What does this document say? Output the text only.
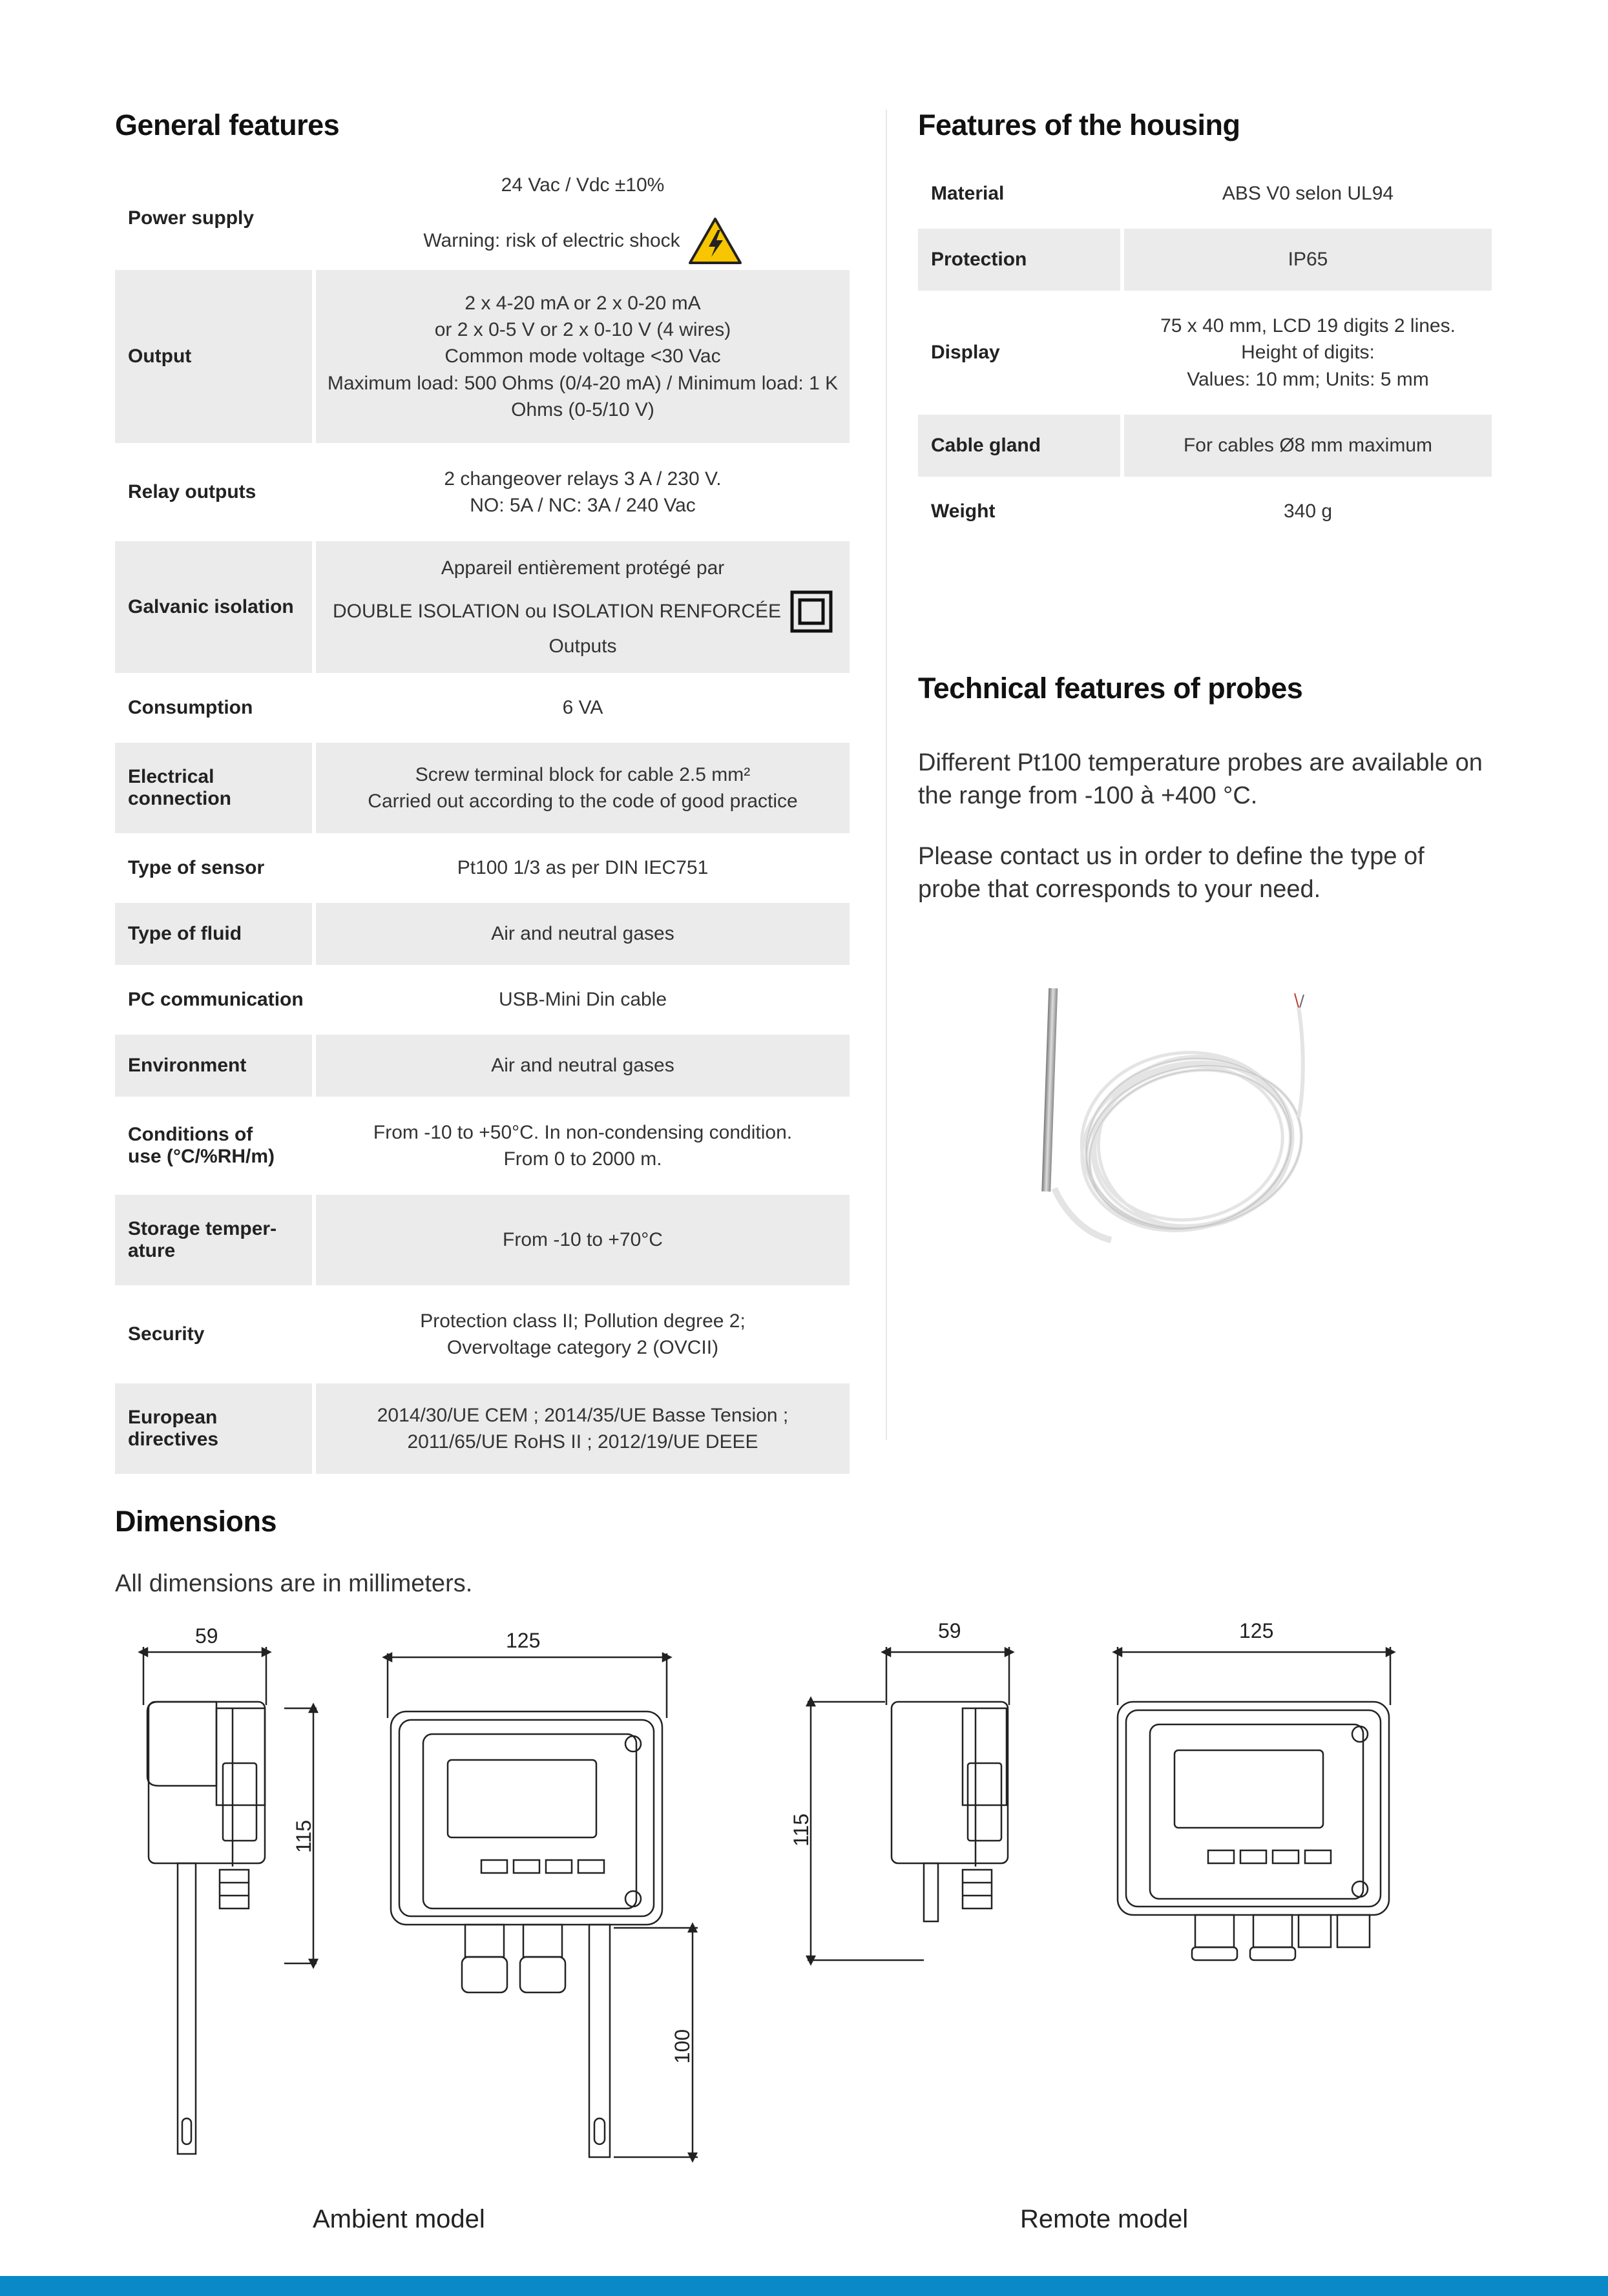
General features
Power supply	24 Vac / Vdc ±10%
Warning: risk of electric shock

Output	2 x 4-20 mA or 2 x 0-20 mA
or 2 x 0-5 V or 2 x 0-10 V (4 wires)
Common mode voltage <30 Vac
Maximum load: 500 Ohms (0/4-20 mA) / Minimum load: 1 K
Ohms (0-5/10 V)

Relay outputs	2 changeover relays 3 A / 230 V.
NO: 5A / NC: 3A / 240 Vac

Galvanic isolation	Appareil entièrement protégé par
DOUBLE ISOLATION ou ISOLATION RENFORCÉE
Outputs

Consumption	6 VA
Electrical connection	Screw terminal block for cable 2.5 mm²
Carried out according to the code of good practice

Type of sensor	Pt100 1/3 as per DIN IEC751
Type of fluid	Air and neutral gases
PC communication	USB-Mini Din cable
Environment	Air and neutral gases
Conditions of use (°C/%RH/m)	From -10 to +50°C. In non-condensing condition.
From 0 to 2000 m.

Storage temper-ature	From -10 to +70°C
Security	Protection class II; Pollution degree 2;
Overvoltage category 2 (OVCII)

European directives	2014/30/UE CEM ; 2014/35/UE Basse Tension ;
2011/65/UE RoHS II ; 2012/19/UE DEEE
Features of the housing
Material	ABS V0 selon UL94
Protection	IP65
Display	75 x 40 mm, LCD 19 digits 2 lines.
Height of digits:
Values: 10 mm; Units: 5 mm

Cable gland	For cables Ø8 mm maximum
Weight	340 g
Technical features of probes
Different Pt100 temperature probes are available on the range from -100 à +400 °C.
Please contact us in order to define the type of probe that corresponds to your need.
Dimensions
All dimensions are in millimeters.
59	125
115
100
Ambient model
59	125
115
Remote model
